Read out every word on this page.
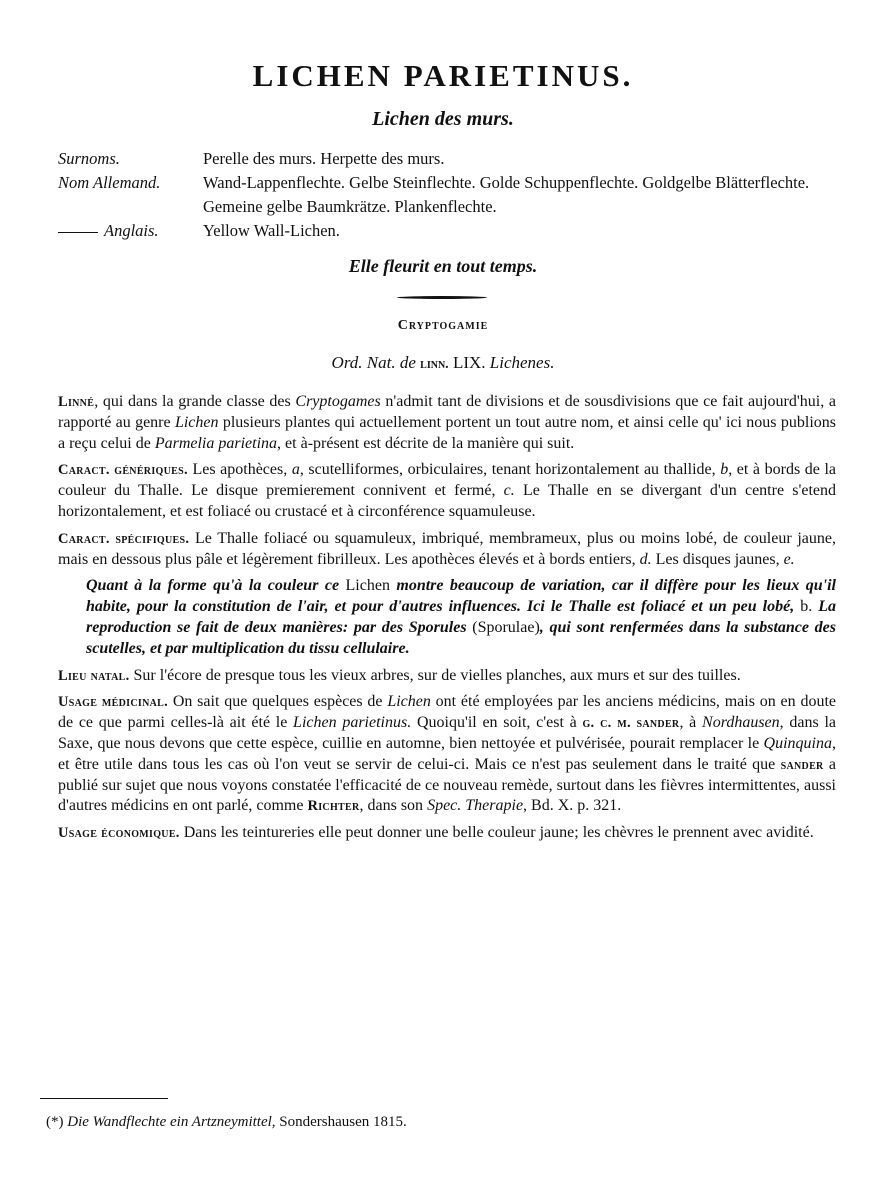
LICHEN PARIETINUS.
Lichen des murs.
Surnoms.	Perelle des murs. Herpette des murs.
Nom Allemand.	Wand-Lappenflechte. Gelbe Steinflechte. Golde Schuppenflechte. Goldgelbe Blätterflechte. Gemeine gelbe Baumkrätze. Plankenflechte.
Anglais.	Yellow Wall-Lichen.
Elle fleurit en tout temps.
Cryptogamie
Ord. Nat. de linn. LIX. Lichenes.

Linné, qui dans la grande classe des Cryptogames n'admit tant de divisions et de sousdivisions que ce fait aujourd'hui, a rapporté au genre Lichen plusieurs plantes qui actuellement portent un tout autre nom, et ainsi celle qu' ici nous publions a reçu celui de Parmelia parietina, et à-présent est décrite de la manière qui suit.

Caract. génériques. Les apothèces, a, scutelliformes, orbiculaires, tenant horizontalement au thallide, b, et à bords de la couleur du Thalle. Le disque premierement connivent et fermé, c. Le Thalle en se divergant d'un centre s'etend horizontalement, et est foliacé ou crustacé et à circonférence squamuleuse.

Caract. spécifiques. Le Thalle foliacé ou squamuleux, imbriqué, membrameux, plus ou moins lobé, de couleur jaune, mais en dessous plus pâle et légèrement fibrilleux. Les apothèces élevés et à bords entiers, d. Les disques jaunes, e.

Quant à la forme qu'à la couleur ce Lichen montre beaucoup de variation, car il diffère pour les lieux qu'il habite, pour la constitution de l'air, et pour d'autres influences. Ici le Thalle est foliacé et un peu lobé, b. La reproduction se fait de deux manières: par des Sporules (Sporulae), qui sont renfermées dans la substance des scutelles, et par multiplication du tissu cellulaire.

Lieu natal. Sur l'écore de presque tous les vieux arbres, sur de vielles planches, aux murs et sur des tuilles.

Usage médicinal. On sait que quelques espèces de Lichen ont été employées par les anciens médicins, mais on en doute de ce que parmi celles-là ait été le Lichen parietinus. Quoiqu'il en soit, c'est à g. c. m. sander, à Nordhausen, dans la Saxe, que nous devons que cette espèce, cuillie en automne, bien nettoyée et pulvérisée, pourait remplacer le Quinquina, et être utile dans tous les cas où l'on veut se servir de celui-ci. Mais ce n'est pas seulement dans le traité que sander a publié sur sujet que nous voyons constatée l'efficacité de ce nouveau remède, surtout dans les fièvres intermittentes, aussi d'autres médicins en ont parlé, comme Richter, dans son Spec. Therapie, Bd. X. p. 321.

Usage économique. Dans les teintureries elle peut donner une belle couleur jaune; les chèvres le prennent avec avidité.

(*) Die Wandflechte ein Artzneymittel, Sondershausen 1815.
